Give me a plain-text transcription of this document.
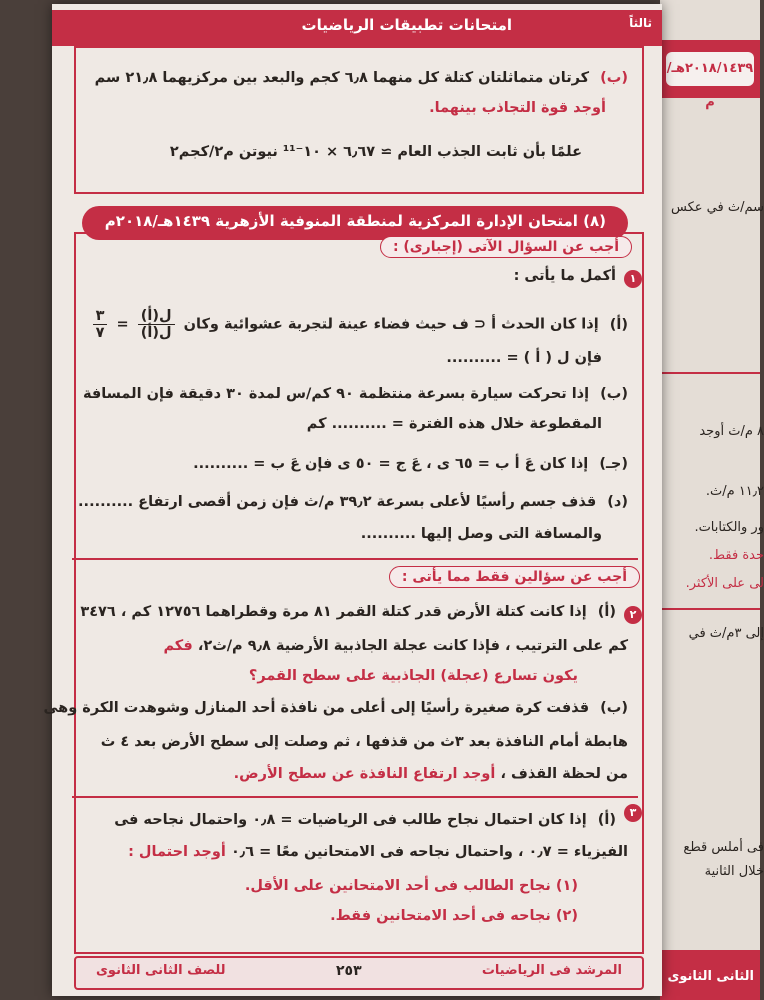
٢٠١٨/١٤٣٩هـ/م
سم/ث في عكس
٨ م/ث أوجد
١١٫٢ م/ث.
ور والكتابات.
حدة فقط.
لى على الأكثر.
إلى ٣م/ث في
فى أملس قطع
خلال الثانية
الثانى الثانوى
امتحانات تطبيقات الرياضيات	ثالثاً
(ب) كرتان متماثلتان كتلة كل منهما ٦٫٨ كجم والبعد بين مركزيهما ٢١٫٨ سم
أوجد قوة التجاذب بينهما.
علمًا بأن ثابت الجذب العام ≃ ٦٫٦٧ × ١٠⁻¹¹ نيوتن م٢/كجم٢
(٨) امتحان الإدارة المركزية لمنطقة المنوفية الأزهرية ١٤٣٩هـ/٢٠١٨م
أجب عن السؤال الآتى (إجبارى) :
١
أكمل ما يأتى :
(أ) إذا كان الحدث أ ⊂ ف حيث فضاء عينة لتجربة عشوائية وكان
$\frac{\text{ل(أ)}}{\text{ل(أ)}}$
=
$\frac{٣}{٧}$
فإن ل ( أ ) = ..........
(ب) إذا تحركت سيارة بسرعة منتظمة ٩٠ كم/س لمدة ٣٠ دقيقة فإن المسافة
المقطوعة خلال هذه الفترة = .......... كم
(جـ) إذا كان عَ أ ب = ٦٥ ى ، عَ ج = ٥٠ ى فإن عَ ب = ..........
(د) قذف جسم رأسيًا لأعلى بسرعة ٣٩٫٢ م/ث فإن زمن أقصى ارتفاع ..........
والمسافة التى وصل إليها ..........
أجب عن سؤالين فقط مما يأتى :
٢
(أ) إذا كانت كتلة الأرض قدر كتلة القمر ٨١ مرة وقطراهما ١٢٧٥٦ كم ، ٣٤٧٦
كم على الترتيب ، فإذا كانت عجلة الجاذبية الأرضية ٩٫٨ م/ث٢، فكم
يكون تسارع (عجلة) الجاذبية على سطح القمر؟
(ب) قذفت كرة صغيرة رأسيًا إلى أعلى من نافذة أحد المنازل وشوهدت الكرة وهى
هابطة أمام النافذة بعد ٣ث من قذفها ، ثم وصلت إلى سطح الأرض بعد ٤ ث
من لحظة القذف ، أوجد ارتفاع النافذة عن سطح الأرض.
٣
(أ) إذا كان احتمال نجاح طالب فى الرياضيات = ٠٫٨ واحتمال نجاحه فى
الفيزياء = ٠٫٧ ، واحتمال نجاحه فى الامتحانين معًا = ٠٫٦ أوجد احتمال :
(١) نجاح الطالب فى أحد الامتحانين على الأقل.
(٢) نجاحه فى أحد الامتحانين فقط.
المرشد فى الرياضيات
٢٥٣
للصف الثانى الثانوى
